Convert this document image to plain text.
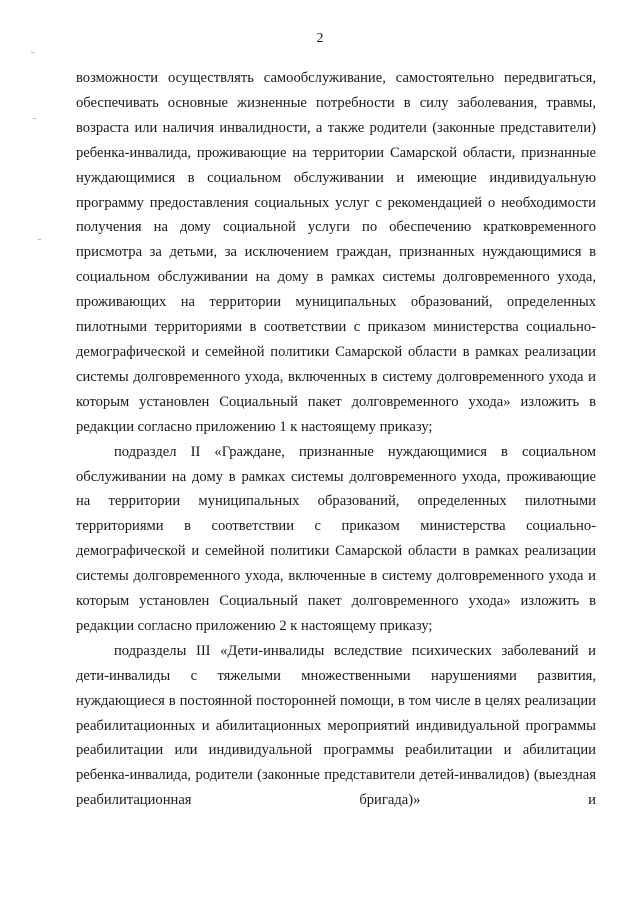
2

возможности осуществлять самообслуживание, самостоятельно передвигаться, обеспечивать основные жизненные потребности в силу заболевания, травмы, возраста или наличия инвалидности, а также родители (законные представители) ребенка-инвалида, проживающие на территории Самарской области, признанные нуждающимися в социальном обслуживании и имеющие индивидуальную программу предоставления социальных услуг с рекомендацией о необходимости получения на дому социальной услуги по обеспечению кратковременного присмотра за детьми, за исключением граждан, признанных нуждающимися в социальном обслуживании на дому в рамках системы долговременного ухода, проживающих на территории муниципальных образований, определенных пилотными территориями в соответствии с приказом министерства социально-демографической и семейной политики Самарской области в рамках реализации системы долговременного ухода, включенных в систему долговременного ухода и которым установлен Социальный пакет долговременного ухода» изложить в редакции согласно приложению 1 к настоящему приказу;

подраздел II «Граждане, признанные нуждающимися в социальном обслуживании на дому в рамках системы долговременного ухода, проживающие на территории муниципальных образований, определенных пилотными территориями в соответствии с приказом министерства социально-демографической и семейной политики Самарской области в рамках реализации системы долговременного ухода, включенные в систему долговременного ухода и которым установлен Социальный пакет долговременного ухода» изложить в редакции согласно приложению 2 к настоящему приказу;

подразделы III «Дети-инвалиды вследствие психических заболеваний и дети-инвалиды с тяжелыми множественными нарушениями развития, нуждающиеся в постоянной посторонней помощи, в том числе в целях реализации реабилитационных и абилитационных мероприятий индивидуальной программы реабилитации или индивидуальной программы реабилитации и абилитации ребенка-инвалида, родители (законные представители детей-инвалидов) (выездная реабилитационная бригада)» и
